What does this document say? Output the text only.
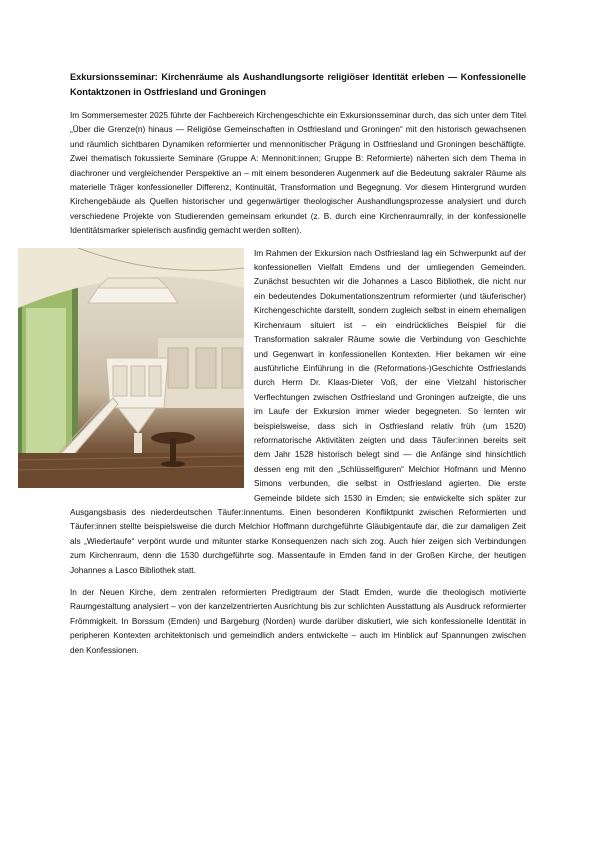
Exkursionsseminar: Kirchenräume als Aushandlungsorte religiöser Identität erleben — Konfessionelle Kontaktzonen in Ostfriesland und Groningen

Im Sommersemester 2025 führte der Fachbereich Kirchengeschichte ein Exkursionsseminar durch, das sich unter dem Titel „Über die Grenze(n) hinaus — Religiöse Gemeinschaften in Ostfriesland und Groningen“ mit den historisch gewachsenen und räumlich sichtbaren Dynamiken reformierter und mennonitischer Prägung in Ostfriesland und Groningen beschäftigte. Zwei thematisch fokussierte Seminare (Gruppe A: Mennonit:innen; Gruppe B: Reformierte) näherten sich dem Thema in diachroner und vergleichender Perspektive an – mit einem besonderen Augenmerk auf die Bedeutung sakraler Räume als materielle Träger konfessioneller Differenz, Kontinuität, Transformation und Begegnung. Vor diesem Hintergrund wurden Kirchengebäude als Quellen historischer und gegenwärtiger theologischer Aushandlungsprozesse analysiert und durch verschiedene Projekte von Studierenden gemeinsam erkundet (z. B. durch eine Kirchenraumrally, in der konfessionelle Identitätsmarker spielerisch ausfindig gemacht werden sollten).

Im Rahmen der Exkursion nach Ostfriesland lag ein Schwerpunkt auf der konfessionellen Vielfalt Emdens und der umliegenden Gemeinden. Zunächst besuchten wir die Johannes a Lasco Bibliothek, die nicht nur ein bedeutendes Dokumentationszentrum reformierter (und täuferischer) Kirchengeschichte darstellt, sondern zugleich selbst in einem ehemaligen Kirchenraum situiert ist – ein eindrückliches Beispiel für die Transformation sakraler Räume sowie die Verbindung von Geschichte und Gegenwart in konfessionellen Kontexten. Hier bekamen wir eine ausführliche Einführung in die (Reformations-)Geschichte Ostfrieslands durch Herrn Dr. Klaas-Dieter Voß, der eine Vielzahl historischer Verflechtungen zwischen Ostfriesland und Groningen aufzeigte, die uns im Laufe der Exkursion immer wieder begegneten. So lernten wir beispielsweise, dass sich in Ostfriesland relativ früh (um 1520) reformatorische Aktivitäten zeigten und dass Täufer:innen bereits seit dem Jahr 1528 historisch belegt sind — die Anfänge sind hinsichtlich dessen eng mit den „Schlüsselfiguren“ Melchior Hofmann und Menno Simons verbunden, die selbst in Ostfriesland agierten. Die erste Gemeinde bildete sich 1530 in Emden; sie entwickelte sich später zur Ausgangsbasis des niederdeutschen Täufer:innentums. Einen besonderen Konfliktpunkt zwischen Reformierten und Täufer:innen stellte beispielsweise die durch Melchior Hoffmann durchgeführte Gläubigentaufe dar, die zur damaligen Zeit als „Wiedertaufe“ verpönt wurde und mitunter starke Konsequenzen nach sich zog. Auch hier zeigen sich Verbindungen zum Kirchenraum, denn die 1530 durchgeführte sog. Massentaufe in Emden fand in der Großen Kirche, der heutigen Johannes a Lasco Bibliothek statt.

In der Neuen Kirche, dem zentralen reformierten Predigtraum der Stadt Emden, wurde die theologisch motivierte Raumgestaltung analysiert – von der kanzelzentrierten Ausrichtung bis zur schlichten Ausstattung als Ausdruck reformierter Frömmigkeit. In Borssum (Emden) und Bargeburg (Norden) wurde darüber diskutiert, wie sich konfessionelle Identität in peripheren Kontexten architektonisch und gemeindlich anders entwickelte – auch im Hinblick auf Spannungen zwischen den Konfessionen.
